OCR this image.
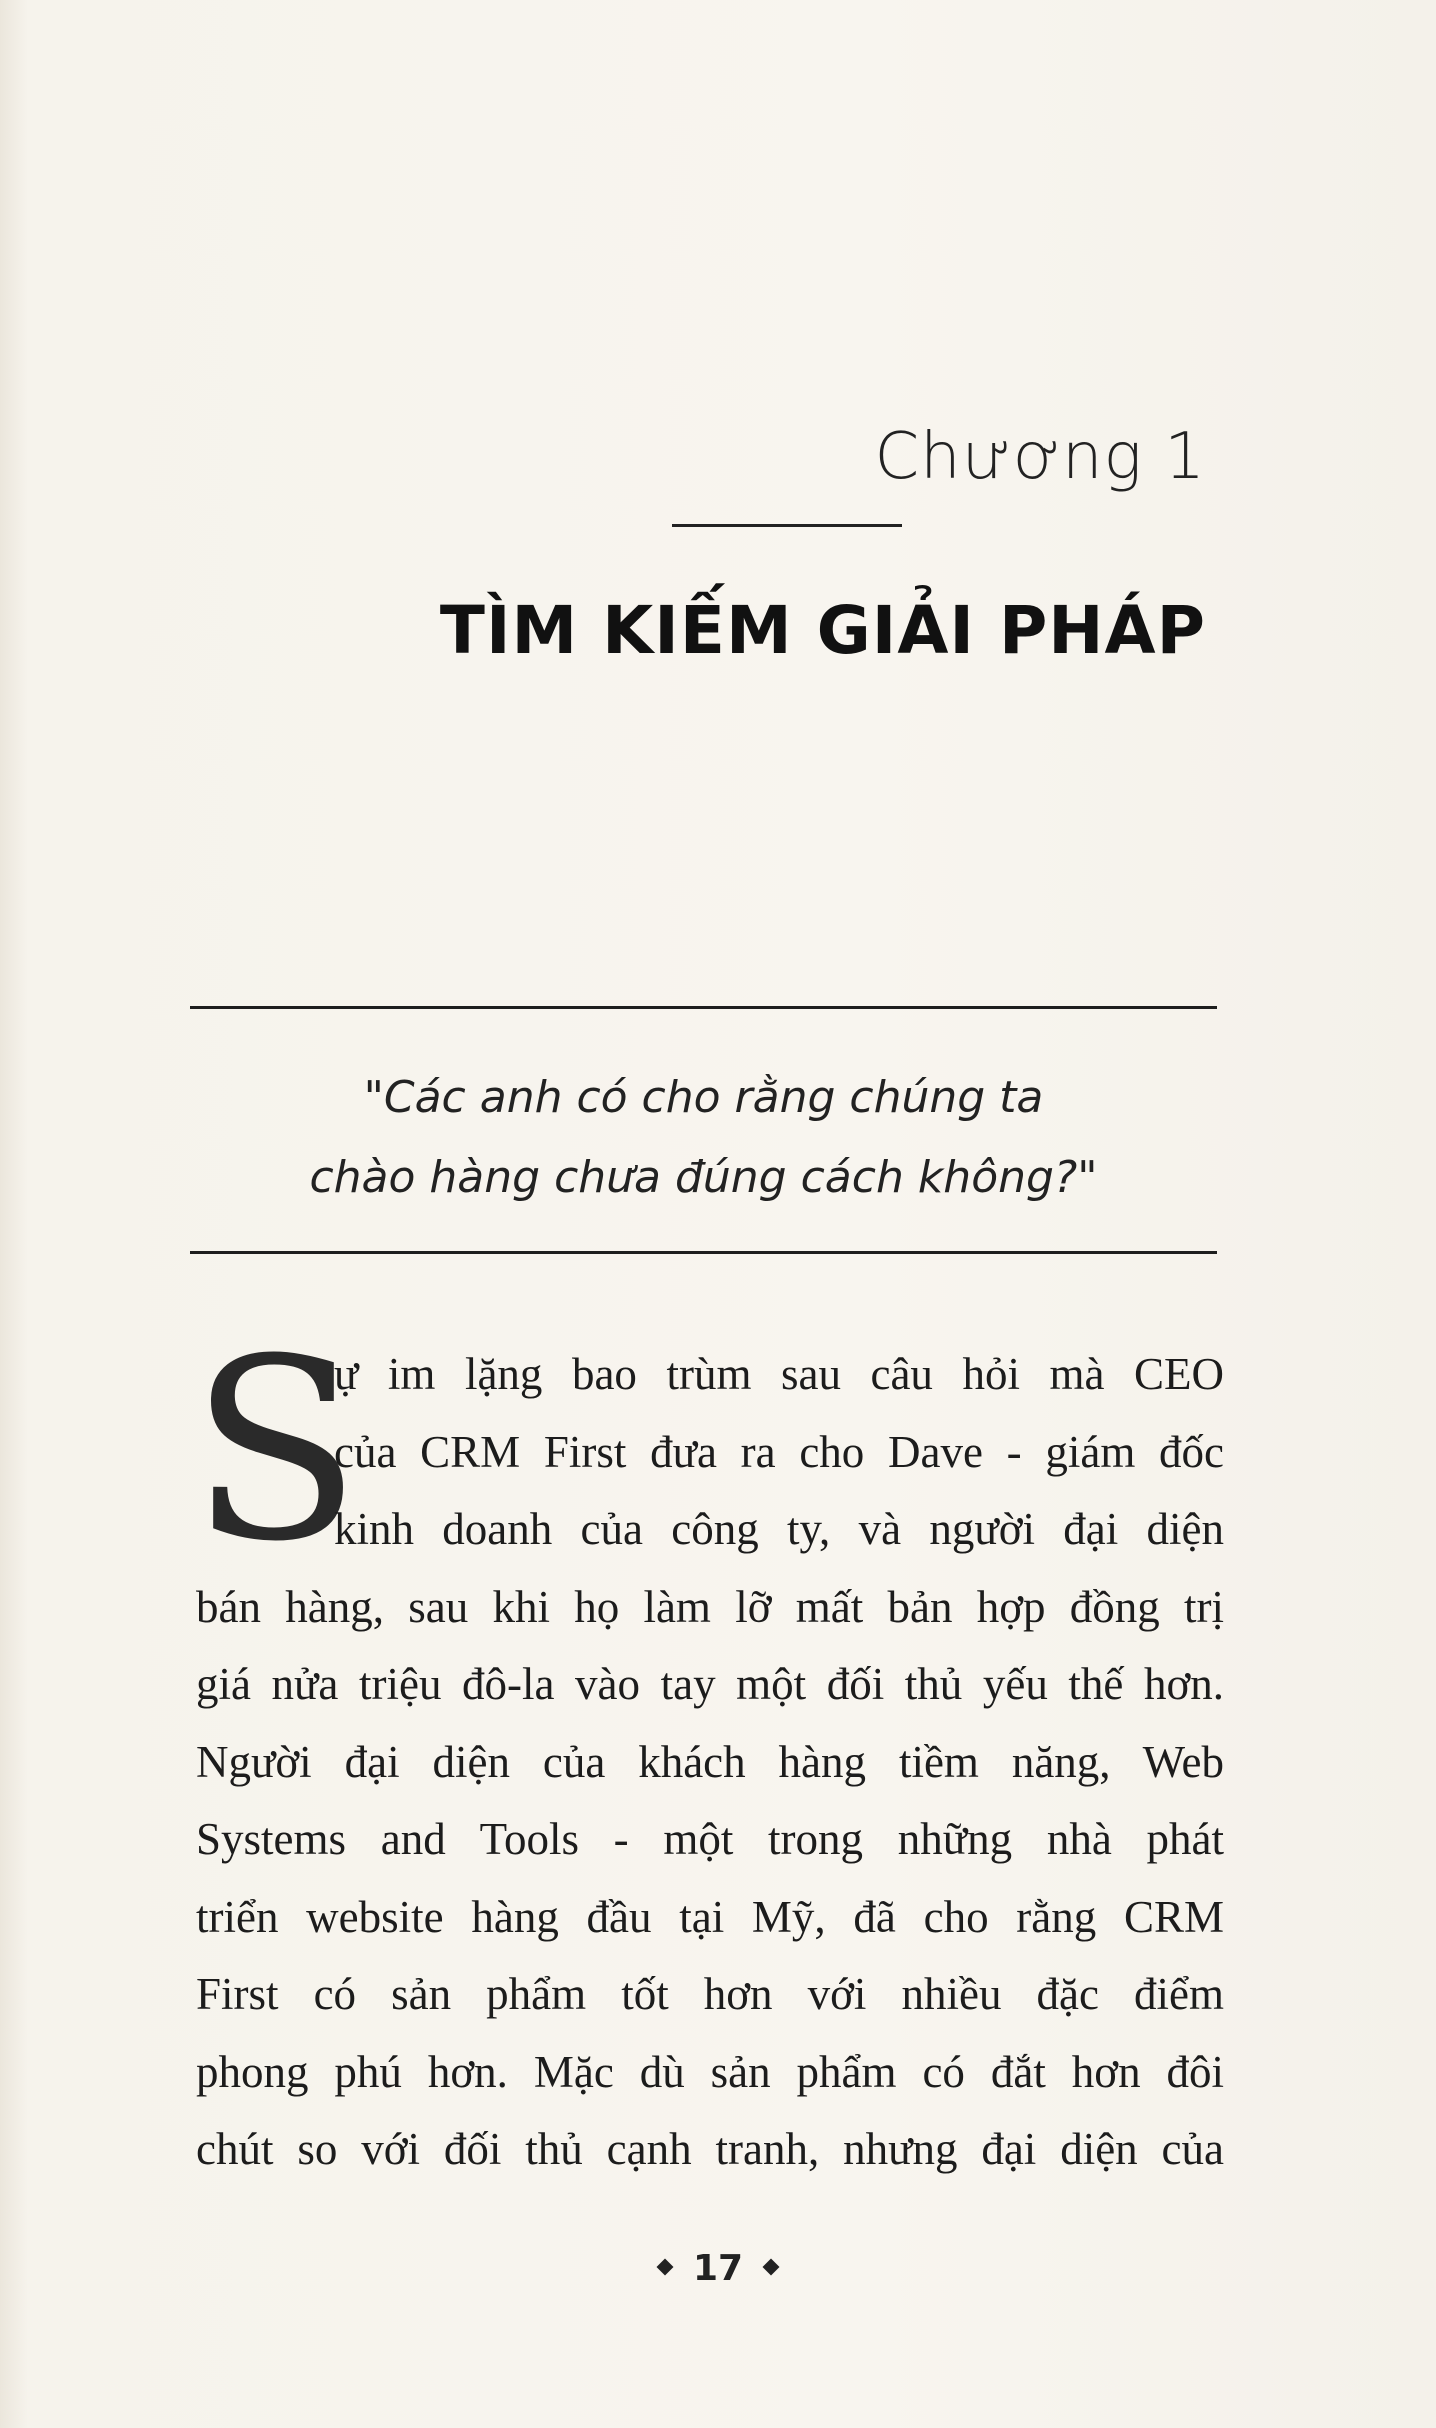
Chương 1
TÌM KIẾM GIẢI PHÁP
"Các anh có cho rằng chúng ta
chào hàng chưa đúng cách không?"
S
ự im lặng bao trùm sau câu hỏi mà CEO
của CRM First đưa ra cho Dave - giám đốc
kinh doanh của công ty, và người đại diện
bán hàng, sau khi họ làm lỡ mất bản hợp đồng trị
giá nửa triệu đô-la vào tay một đối thủ yếu thế hơn.
Người đại diện của khách hàng tiềm năng, Web
Systems and Tools - một trong những nhà phát
triển website hàng đầu tại Mỹ, đã cho rằng CRM
First có sản phẩm tốt hơn với nhiều đặc điểm
phong phú hơn. Mặc dù sản phẩm có đắt hơn đôi
chút so với đối thủ cạnh tranh, nhưng đại diện của
17
